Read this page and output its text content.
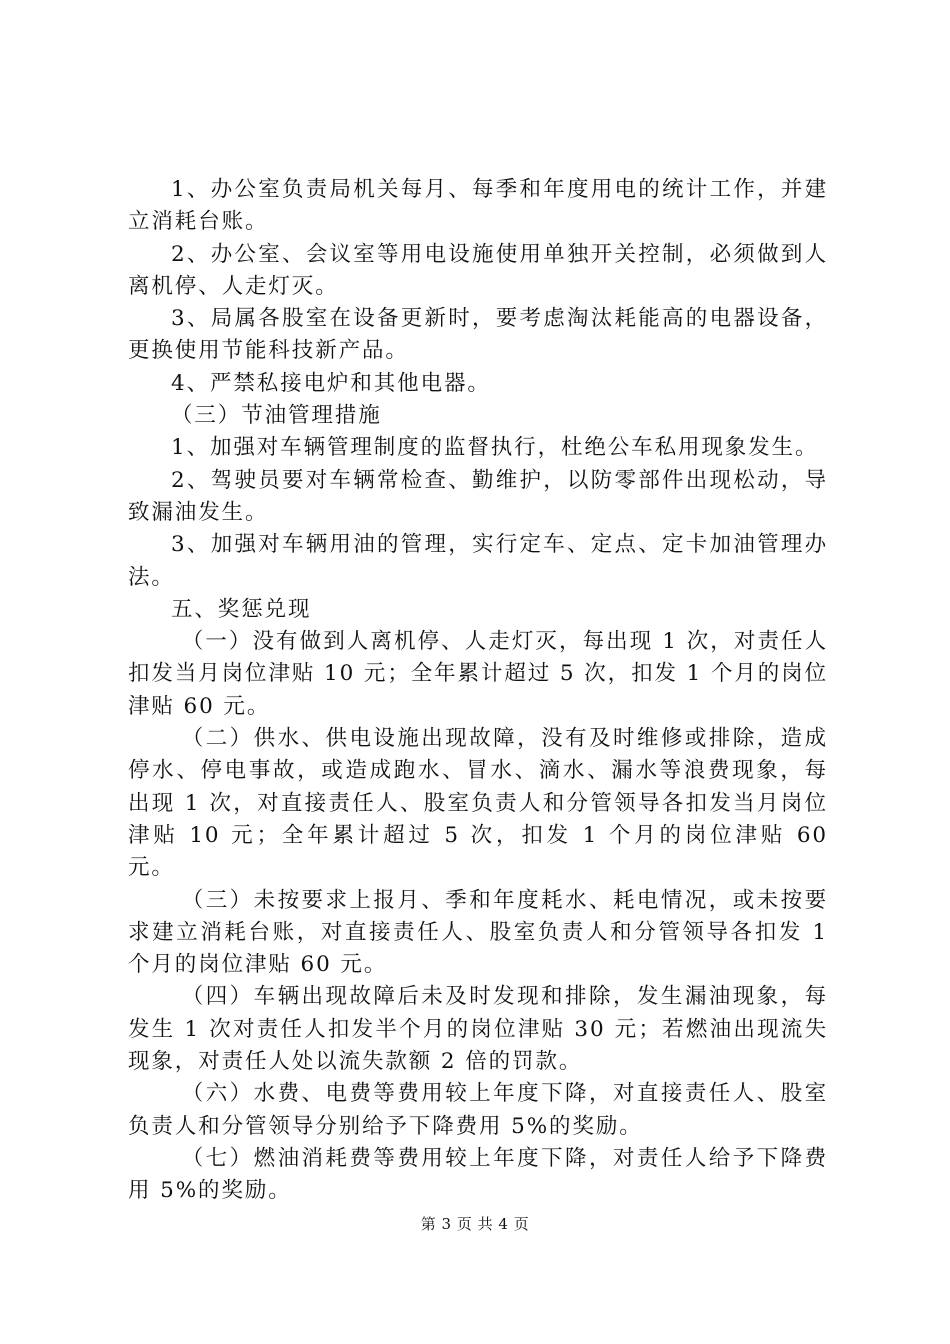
1、办公室负责局机关每月、每季和年度用电的统计工作，并建立消耗台账。

2、办公室、会议室等用电设施使用单独开关控制，必须做到人离机停、人走灯灭。

3、局属各股室在设备更新时，要考虑淘汰耗能高的电器设备，更换使用节能科技新产品。

4、严禁私接电炉和其他电器。

（三）节油管理措施

1、加强对车辆管理制度的监督执行，杜绝公车私用现象发生。

2、驾驶员要对车辆常检查、勤维护，以防零部件出现松动，导致漏油发生。

3、加强对车辆用油的管理，实行定车、定点、定卡加油管理办法。

五、奖惩兑现

（一）没有做到人离机停、人走灯灭，每出现 1 次，对责任人扣发当月岗位津贴 10 元；全年累计超过 5 次，扣发 1 个月的岗位津贴 60 元。

（二）供水、供电设施出现故障，没有及时维修或排除，造成停水、停电事故，或造成跑水、冒水、滴水、漏水等浪费现象，每出现 1 次，对直接责任人、股室负责人和分管领导各扣发当月岗位津贴 10 元；全年累计超过 5 次，扣发 1 个月的岗位津贴 60 元。

（三）未按要求上报月、季和年度耗水、耗电情况，或未按要求建立消耗台账，对直接责任人、股室负责人和分管领导各扣发 1 个月的岗位津贴 60 元。

（四）车辆出现故障后未及时发现和排除，发生漏油现象，每发生 1 次对责任人扣发半个月的岗位津贴 30 元；若燃油出现流失现象，对责任人处以流失款额 2 倍的罚款。

（六）水费、电费等费用较上年度下降，对直接责任人、股室负责人和分管领导分别给予下降费用 5%的奖励。

（七）燃油消耗费等费用较上年度下降，对责任人给予下降费用 5%的奖励。

第 3 页 共 4 页
